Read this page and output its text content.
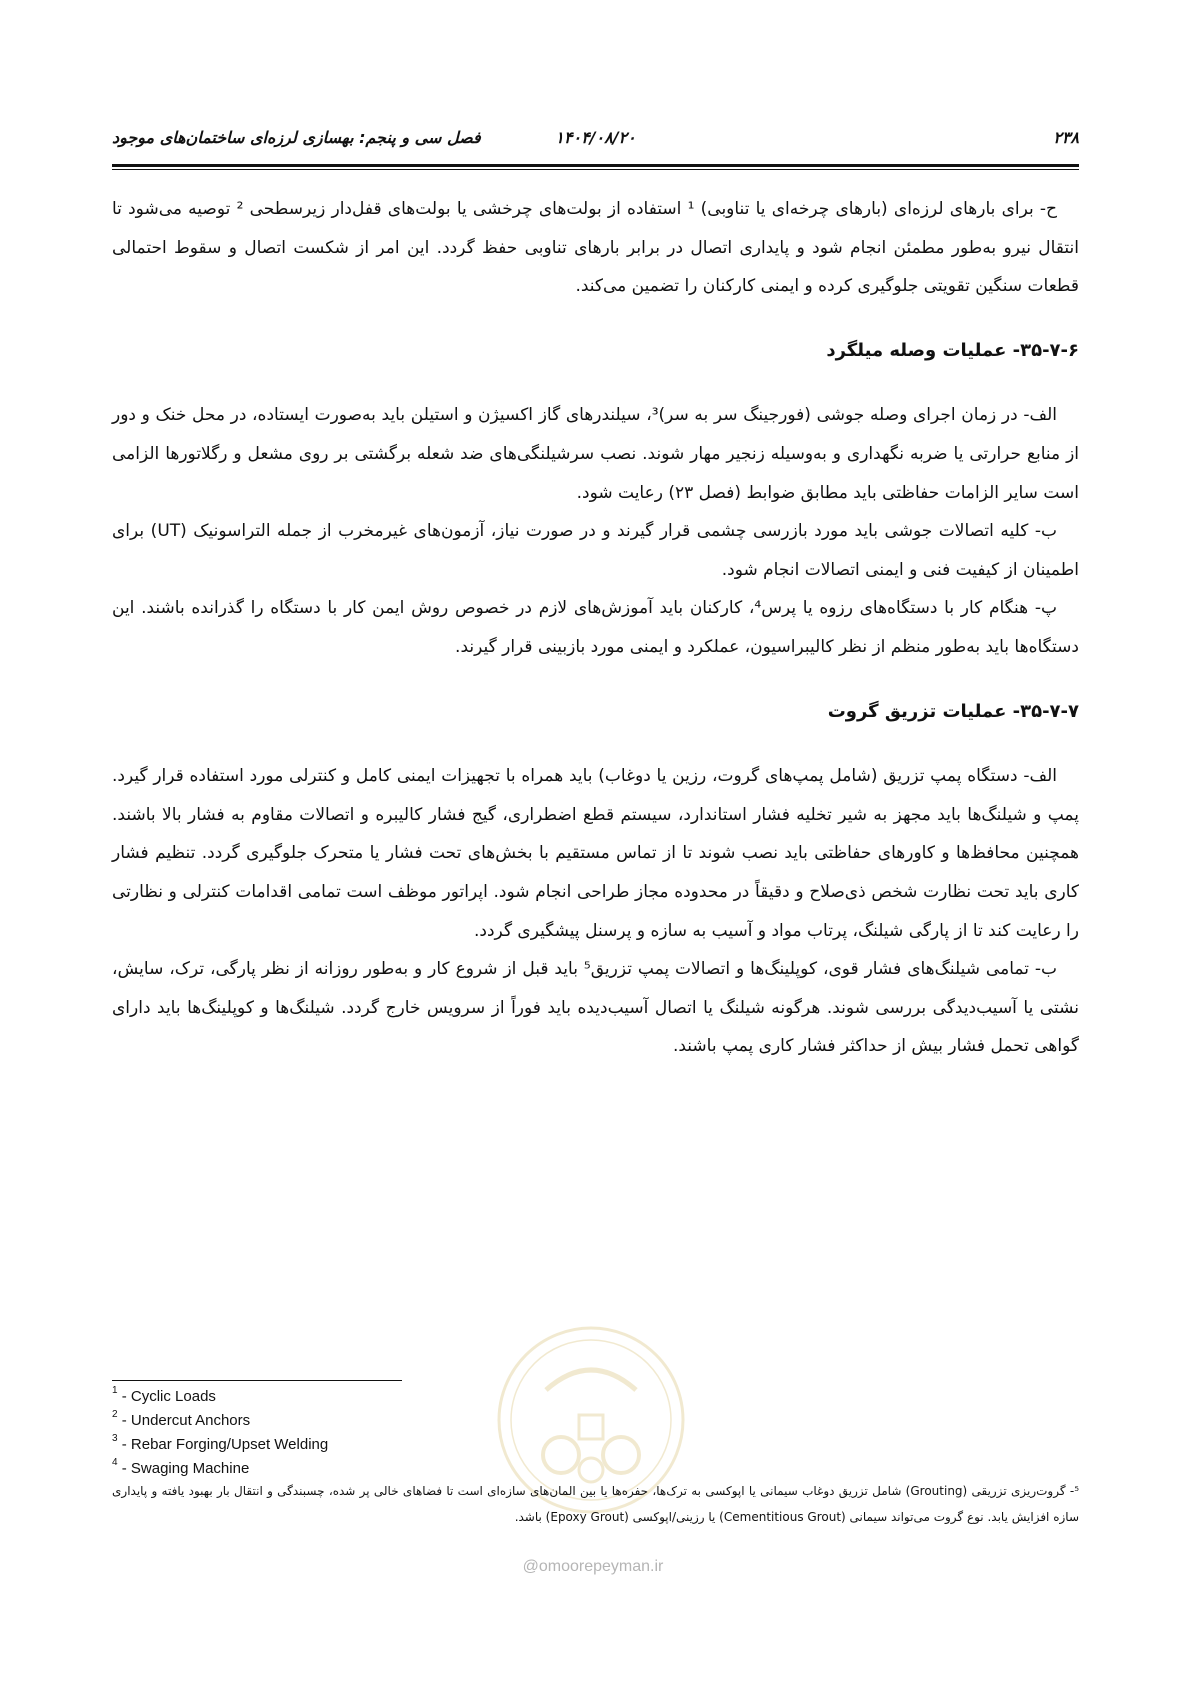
۲۳۸
۱۴۰۴/۰۸/۲۰
فصل سی و پنجم: بهسازی لرزه‌ای ساختمان‌های موجود

ح- برای بارهای لرزه‌ای (بارهای چرخه‌ای یا تناوبی) ¹ استفاده از بولت‌های چرخشی یا بولت‌های قفل‌دار زیرسطحی ² توصیه می‌شود تا انتقال نیرو به‌طور مطمئن انجام شود و پایداری اتصال در برابر بارهای تناوبی حفظ گردد. این امر از شکست اتصال و سقوط احتمالی قطعات سنگین تقویتی جلوگیری کرده و ایمنی کارکنان را تضمین می‌کند.

۳۵-۷-۶- عملیات وصله میلگرد

الف- در زمان اجرای وصله جوشی (فورجینگ سر به سر)³، سیلندرهای گاز اکسیژن و استیلن باید به‌صورت ایستاده، در محل خنک و دور از منابع حرارتی یا ضربه نگهداری و به‌وسیله زنجیر مهار شوند. نصب سرشیلنگی‌های ضد شعله برگشتی بر روی مشعل و رگلاتورها الزامی است سایر الزامات حفاظتی باید مطابق ضوابط (فصل ۲۳) رعایت شود.

ب- کلیه اتصالات جوشی باید مورد بازرسی چشمی قرار گیرند و در صورت نیاز، آزمون‌های غیرمخرب از جمله التراسونیک (UT) برای اطمینان از کیفیت فنی و ایمنی اتصالات انجام شود.

پ- هنگام کار با دستگاه‌های رزوه یا پرس⁴، کارکنان باید آموزش‌های لازم در خصوص روش ایمن کار با دستگاه را گذرانده باشند. این دستگاه‌ها باید به‌طور منظم از نظر کالیبراسیون، عملکرد و ایمنی مورد بازبینی قرار گیرند.

۳۵-۷-۷- عملیات تزریق گروت

الف- دستگاه پمپ تزریق (شامل پمپ‌های گروت، رزین یا دوغاب) باید همراه با تجهیزات ایمنی کامل و کنترلی مورد استفاده قرار گیرد. پمپ و شیلنگ‌ها باید مجهز به شیر تخلیه فشار استاندارد، سیستم قطع اضطراری، گیج فشار کالیبره و اتصالات مقاوم به فشار بالا باشند. همچنین محافظ‌ها و کاورهای حفاظتی باید نصب شوند تا از تماس مستقیم با بخش‌های تحت فشار یا متحرک جلوگیری گردد. تنظیم فشار کاری باید تحت نظارت شخص ذی‌صلاح و دقیقاً در محدوده مجاز طراحی انجام شود. اپراتور موظف است تمامی اقدامات کنترلی و نظارتی را رعایت کند تا از پارگی شیلنگ، پرتاب مواد و آسیب به سازه و پرسنل پیشگیری گردد.

ب- تمامی شیلنگ‌های فشار قوی، کوپلینگ‌ها و اتصالات پمپ تزریق⁵ باید قبل از شروع کار و به‌طور روزانه از نظر پارگی، ترک، سایش، نشتی یا آسیب‌دیدگی بررسی شوند. هرگونه شیلنگ یا اتصال آسیب‌دیده باید فوراً از سرویس خارج گردد. شیلنگ‌ها و کوپلینگ‌ها باید دارای گواهی تحمل فشار بیش از حداکثر فشار کاری پمپ باشند.

@omoorepeyman.ir
$^1$ - Cyclic Loads
$^2$ - Undercut Anchors
$^3$ - Rebar Forging/Upset Welding
$^4$ - Swaging Machine
⁵- گروت‌ریزی تزریقی (Grouting) شامل تزریق دوغاب سیمانی یا اپوکسی به ترک‌ها، حفره‌ها یا بین المان‌های سازه‌ای است تا فضاهای خالی پر شده، چسبندگی و انتقال بار بهبود یافته و پایداری سازه افزایش یابد. نوع گروت می‌تواند سیمانی (Cementitious Grout) یا رزینی/اپوکسی (Epoxy Grout) باشد.
